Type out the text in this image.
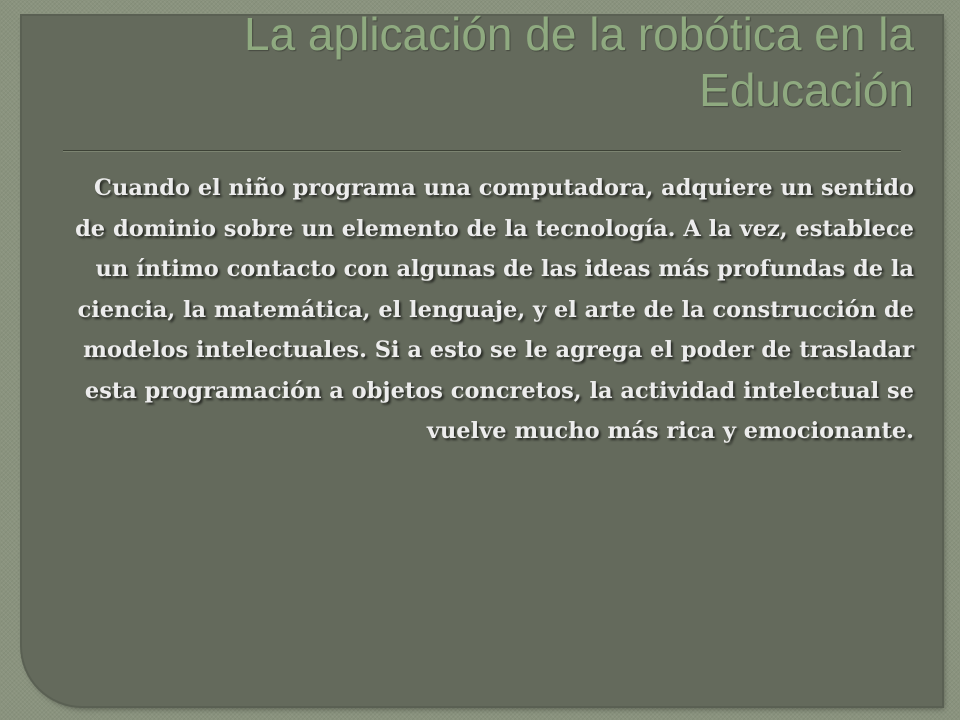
La aplicación de la robótica en la Educación

Cuando el niño programa una computadora, adquiere un sentido de dominio sobre un elemento de la tecnología. A la vez, establece un íntimo contacto con algunas de las ideas más profundas de la ciencia, la matemática, el lenguaje, y el arte de la construcción de modelos intelectuales. Si a esto se le agrega el poder de trasladar esta programación a objetos concretos, la actividad intelectual se vuelve mucho más rica y emocionante.
